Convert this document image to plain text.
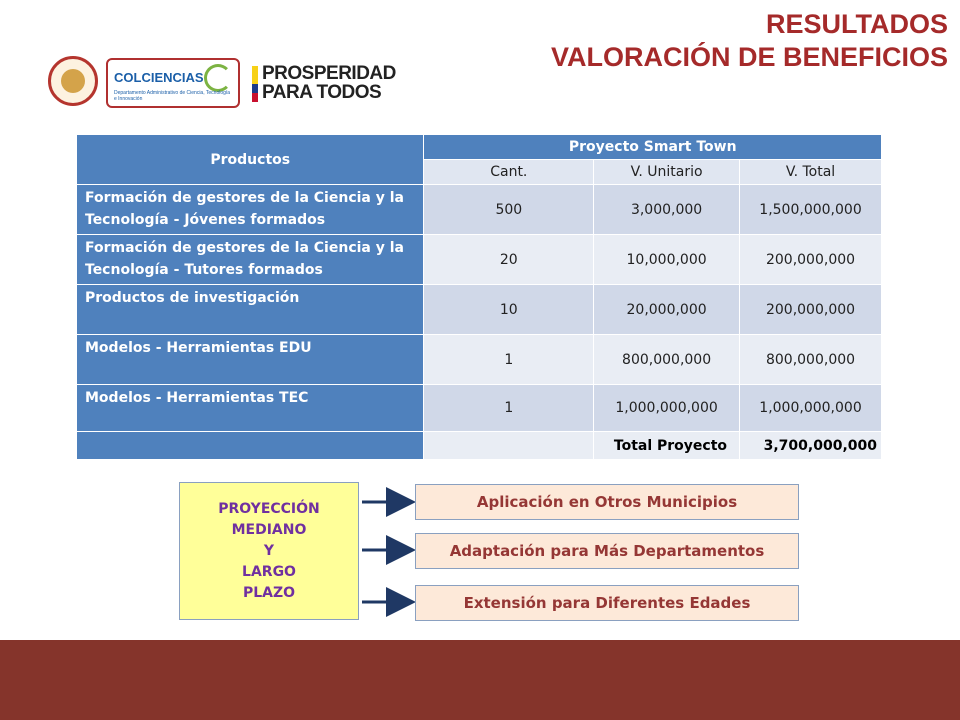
RESULTADOS
VALORACIÓN DE BENEFICIOS
COLCIENCIAS
Departamento Administrativo de Ciencia, Tecnología e Innovación
PROSPERIDAD
PARA TODOS
Productos	Proyecto Smart Town		
	Cant.	V. Unitario	V. Total
Formación de gestores de la Ciencia y la Tecnología - Jóvenes formados	500	3,000,000	1,500,000,000
Formación de gestores de la Ciencia y la Tecnología - Tutores formados	20	10,000,000	200,000,000
Productos de investigación	10	20,000,000	200,000,000
Modelos - Herramientas EDU	1	800,000,000	800,000,000
Modelos - Herramientas TEC	1	1,000,000,000	1,000,000,000
		Total Proyecto	3,700,000,000
PROYECCIÓN
MEDIANO
Y
LARGO
PLAZO
Aplicación en Otros Municipios
Adaptación para Más Departamentos
Extensión para Diferentes Edades
